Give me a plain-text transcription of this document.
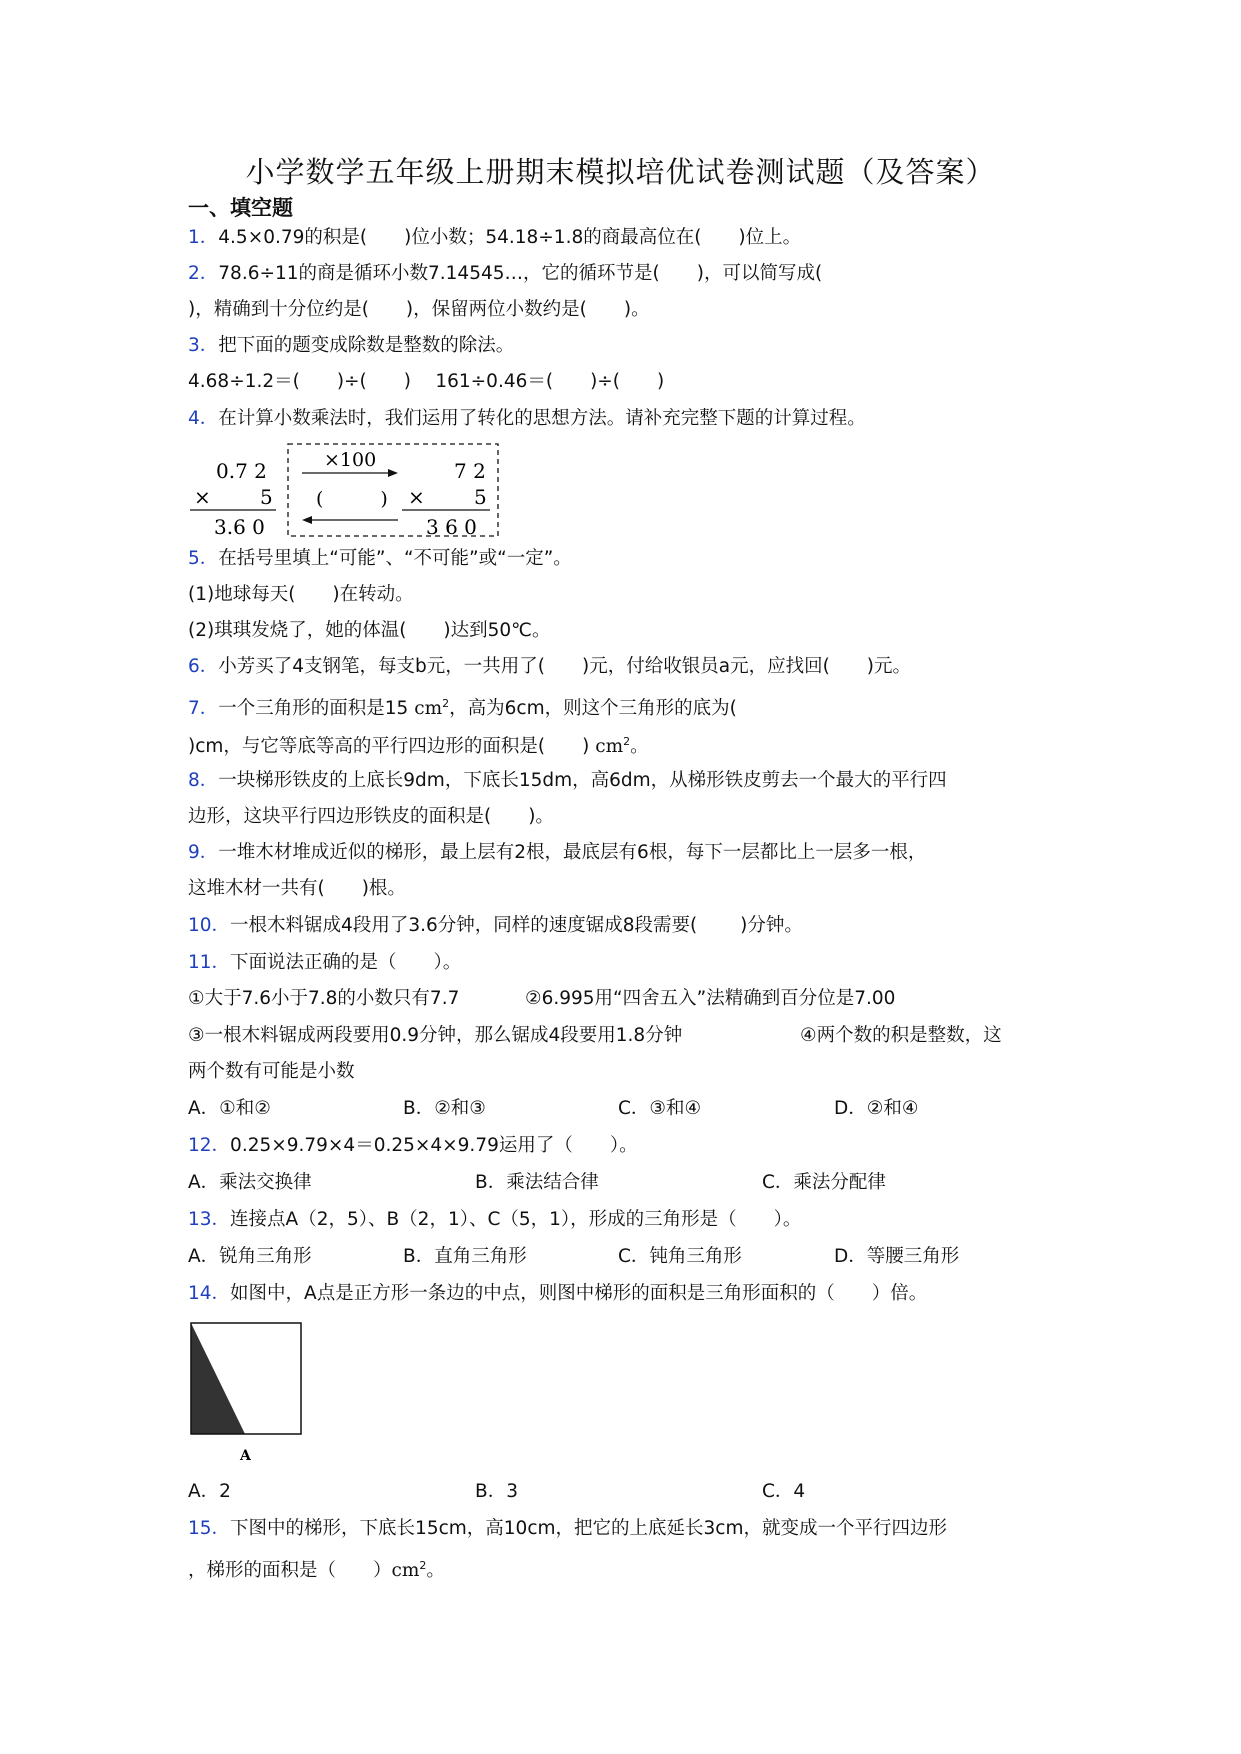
小学数学五年级上册期末模拟培优试卷测试题（及答案）
一、填空题
1．4.5×0.79的积是(　　)位小数；54.18÷1.8的商最高位在(　　)位上。
2．78.6÷11的商是循环小数7.14545…，它的循环节是(　　)，可以简写成(
)，精确到十分位约是(　　)，保留两位小数约是(　　)。
3．把下面的题变成除数是整数的除法。
4.68÷1.2＝(　　)÷(　　)　 161÷0.46＝(　　)÷(　　)
4．在计算小数乘法时，我们运用了转化的思想方法。请补充完整下题的计算过程。
0.7 2
× 5
3.6 0
×100
(　　　)
7 2
× 5
3 6 0
5．在括号里填上“可能”、“不可能”或“一定”。
(1)地球每天(　　)在转动。
(2)琪琪发烧了，她的体温(　　)达到50℃。
6．小芳买了4支钢笔，每支b元，一共用了(　　)元，付给收银员a元，应找回(　　)元。
7．一个三角形的面积是15 $cm^2$，高为6cm，则这个三角形的底为(
)cm，与它等底等高的平行四边形的面积是(　　) $cm^2$。
8．一块梯形铁皮的上底长9dm，下底长15dm，高6dm，从梯形铁皮剪去一个最大的平行四
边形，这块平行四边形铁皮的面积是(　　)。
9．一堆木材堆成近似的梯形，最上层有2根，最底层有6根，每下一层都比上一层多一根，
这堆木材一共有(　　)根。
10．一根木料锯成4段用了3.6分钟，同样的速度锯成8段需要(　　 )分钟。
11．下面说法正确的是（　　）。
①大于7.6小于7.8的小数只有7.7	②6.995用“四舍五入”法精确到百分位是7.00
③一根木料锯成两段要用0.9分钟，那么锯成4段要用1.8分钟	④两个数的积是整数，这
两个数有可能是小数
A．①和②	B．②和③	C．③和④	D．②和④
12．0.25×9.79×4＝0.25×4×9.79运用了（　　）。
A．乘法交换律	B．乘法结合律	C．乘法分配律
13．连接点A（2，5）、B（2，1）、C（5，1），形成的三角形是（　　）。
A．锐角三角形	B．直角三角形	C．钝角三角形	D．等腰三角形
14．如图中，A点是正方形一条边的中点，则图中梯形的面积是三角形面积的（　　）倍。
A
A．2	B．3	C．4
15．下图中的梯形，下底长15cm，高10cm，把它的上底延长3cm，就变成一个平行四边形
，梯形的面积是（　　）$cm^2$。
